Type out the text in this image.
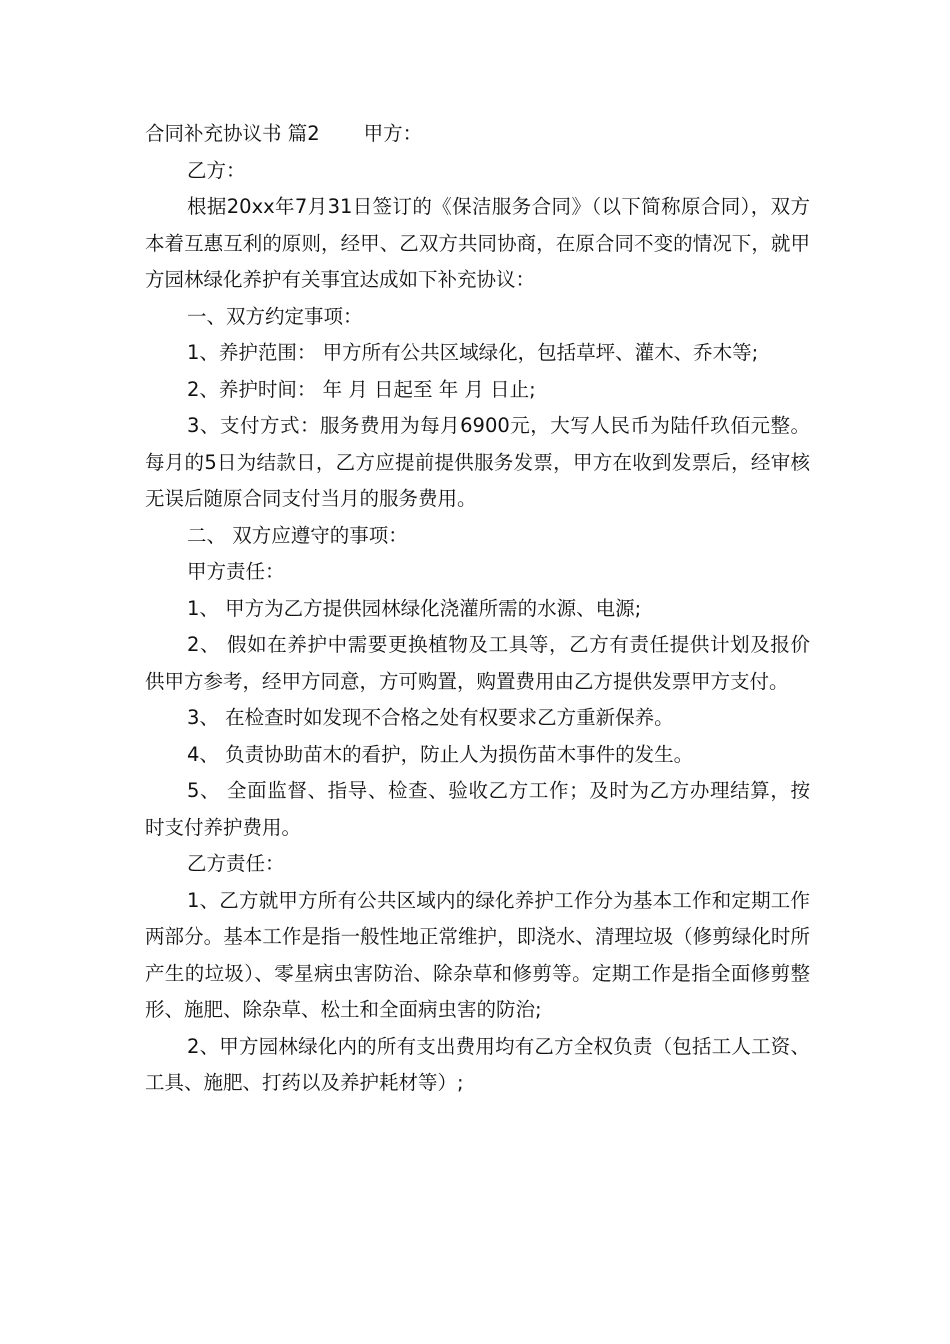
合同补充协议书 篇2 甲方：

乙方：

根据20xx年7月31日签订的《保洁服务合同》（以下简称原合同），双方本着互惠互利的原则，经甲、乙双方共同协商，在原合同不变的情况下，就甲方园林绿化养护有关事宜达成如下补充协议：

一、双方约定事项：

1、养护范围： 甲方所有公共区域绿化，包括草坪、灌木、乔木等;

2、养护时间： 年 月 日起至 年 月 日止;

3、支付方式：服务费用为每月6900元，大写人民币为陆仟玖佰元整。每月的5日为结款日，乙方应提前提供服务发票，甲方在收到发票后，经审核无误后随原合同支付当月的服务费用。

二、 双方应遵守的事项：

甲方责任：

1、 甲方为乙方提供园林绿化浇灌所需的水源、电源;

2、 假如在养护中需要更换植物及工具等，乙方有责任提供计划及报价供甲方参考，经甲方同意，方可购置，购置费用由乙方提供发票甲方支付。

3、 在检查时如发现不合格之处有权要求乙方重新保养。

4、 负责协助苗木的看护，防止人为损伤苗木事件的发生。

5、 全面监督、指导、检查、验收乙方工作；及时为乙方办理结算，按时支付养护费用。

乙方责任：

1、乙方就甲方所有公共区域内的绿化养护工作分为基本工作和定期工作两部分。基本工作是指一般性地正常维护，即浇水、清理垃圾（修剪绿化时所产生的垃圾）、零星病虫害防治、除杂草和修剪等。定期工作是指全面修剪整形、施肥、除杂草、松土和全面病虫害的防治;

2、甲方园林绿化内的所有支出费用均有乙方全权负责（包括工人工资、工具、施肥、打药以及养护耗材等）;
